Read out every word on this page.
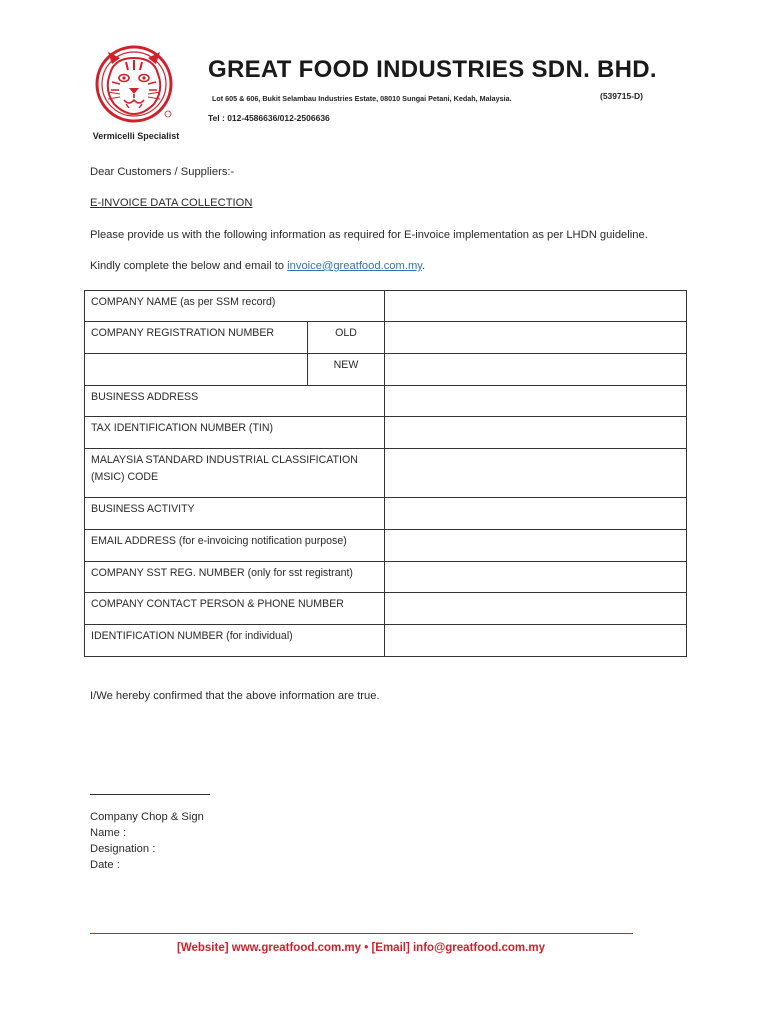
Vermicelli Specialist
GREAT FOOD INDUSTRIES SDN. BHD.
Lot 605 & 606, Bukit Selambau Industries Estate, 08010 Sungai Petani, Kedah, Malaysia.	(539715-D)
Tel : 012-4586636/012-2506636
Dear Customers / Suppliers:-
E-INVOICE DATA COLLECTION
Please provide us with the following information as required for E-invoice implementation as per LHDN guideline.
Kindly complete the below and email to invoice@greatfood.com.my.
COMPANY NAME (as per SSM record)		
COMPANY REGISTRATION NUMBER	OLD	
	NEW	
BUSINESS ADDRESS		
TAX IDENTIFICATION NUMBER (TIN)		
MALAYSIA STANDARD INDUSTRIAL CLASSIFICATION (MSIC) CODE		
BUSINESS ACTIVITY		
EMAIL ADDRESS (for e-invoicing notification purpose)		
COMPANY SST REG. NUMBER (only for sst registrant)		
COMPANY CONTACT PERSON & PHONE NUMBER		
IDENTIFICATION NUMBER (for individual)		
I/We hereby confirmed that the above information are true.
Company Chop & Sign
Name :
Designation :
Date :
[Website] www.greatfood.com.my • [Email] info@greatfood.com.my
